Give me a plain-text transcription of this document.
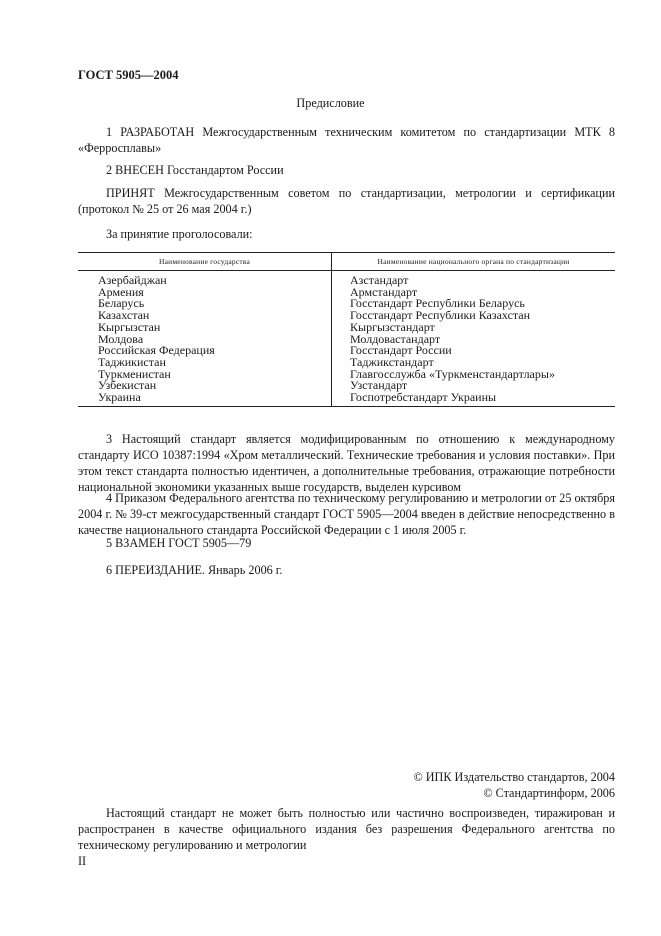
ГОСТ 5905—2004
Предисловие
1 РАЗРАБОТАН Межгосударственным техническим комитетом по стандартизации МТК 8 «Ферросплавы»
2 ВНЕСЕН Госстандартом России
ПРИНЯТ Межгосударственным советом по стандартизации, метрологии и сертификации (протокол № 25 от 26 мая 2004 г.)
За принятие проголосовали:
Наименование государства	Наименование национального органа по стандартизации
Азербайджан	Азстандарт
Армения	Армстандарт
Беларусь	Госстандарт Республики Беларусь
Казахстан	Госстандарт Республики Казахстан
Кыргызстан	Кыргызстандарт
Молдова	Молдовастандарт
Российская Федерация	Госстандарт России
Таджикистан	Таджикстандарт
Туркменистан	Главгосслужба «Туркменстандартлары»
Узбекистан	Узстандарт
Украина	Госпотребстандарт Украины
3 Настоящий стандарт является модифицированным по отношению к международному стандарту ИСО 10387:1994 «Хром металлический. Технические требования и условия поставки». При этом текст стандарта полностью идентичен, а дополнительные требования, отражающие потребности национальной экономики указанных выше государств, выделен курсивом
4 Приказом Федерального агентства по техническому регулированию и метрологии от 25 октября 2004 г. № 39-ст межгосударственный стандарт ГОСТ 5905—2004 введен в действие непосредственно в качестве национального стандарта Российской Федерации с 1 июля 2005 г.
5 ВЗАМЕН ГОСТ 5905—79
6 ПЕРЕИЗДАНИЕ. Январь 2006 г.
© ИПК Издательство стандартов, 2004
© Стандартинформ, 2006
Настоящий стандарт не может быть полностью или частично воспроизведен, тиражирован и распространен в качестве официального издания без разрешения Федерального агентства по техническому регулированию и метрологии
II
